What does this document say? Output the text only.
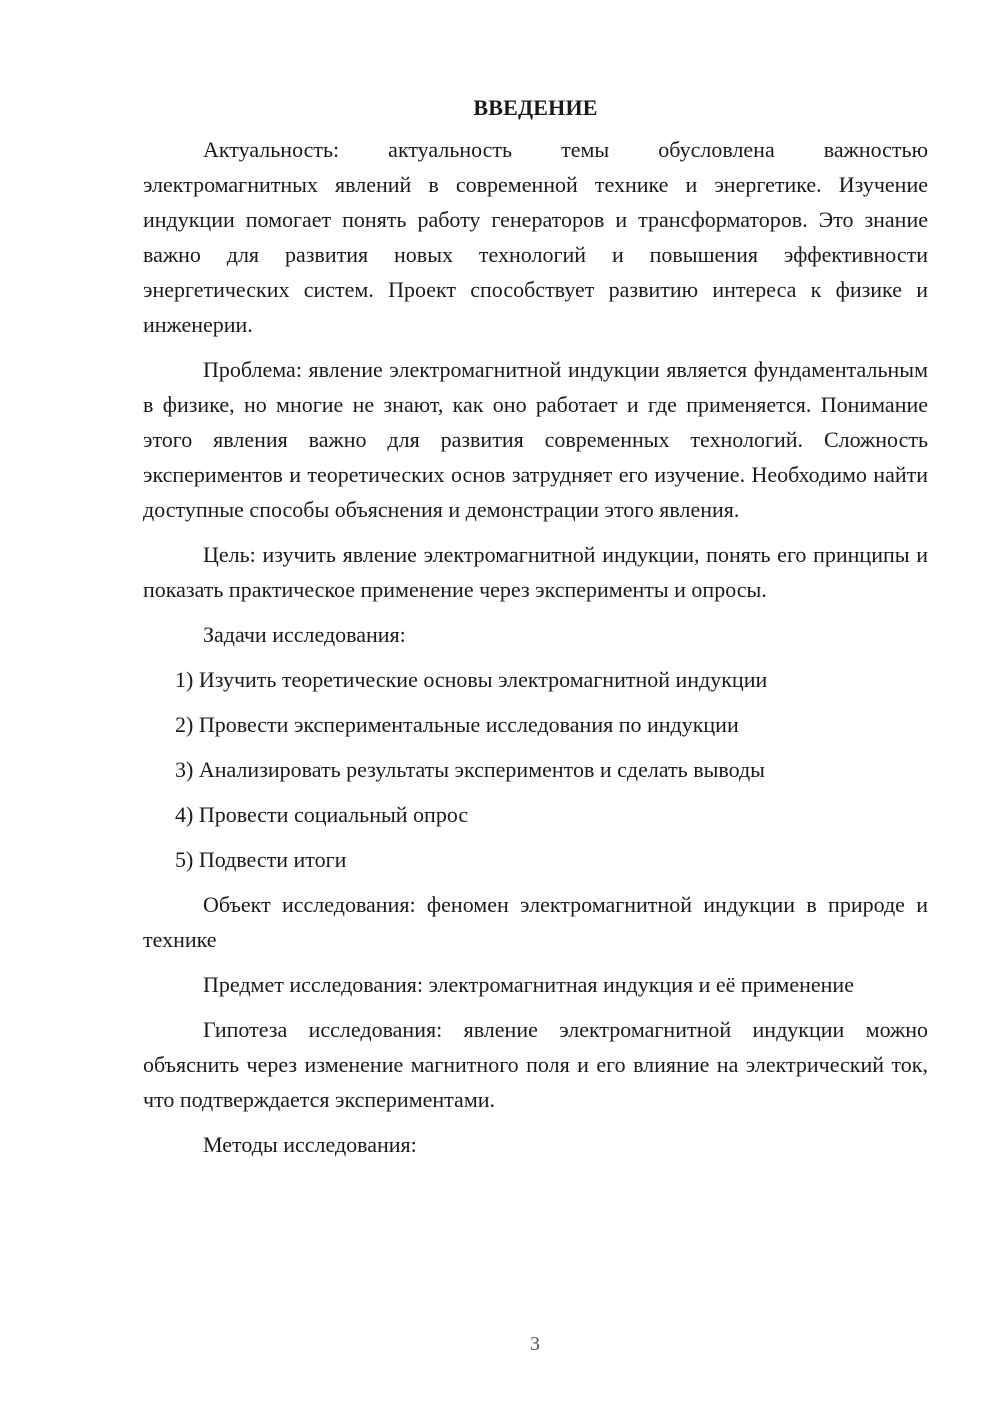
ВВЕДЕНИЕ

Актуальность: актуальность темы обусловлена важностью электромагнитных явлений в современной технике и энергетике. Изучение индукции помогает понять работу генераторов и трансформаторов. Это знание важно для развития новых технологий и повышения эффективности энергетических систем. Проект способствует развитию интереса к физике и инженерии.

Проблема: явление электромагнитной индукции является фундаментальным в физике, но многие не знают, как оно работает и где применяется. Понимание этого явления важно для развития современных технологий. Сложность экспериментов и теоретических основ затрудняет его изучение. Необходимо найти доступные способы объяснения и демонстрации этого явления.

Цель: изучить явление электромагнитной индукции, понять его принципы и показать практическое применение через эксперименты и опросы.

Задачи исследования:

1) Изучить теоретические основы электромагнитной индукции
2) Провести экспериментальные исследования по индукции
3) Анализировать результаты экспериментов и сделать выводы
4) Провести социальный опрос
5) Подвести итоги

Объект исследования: феномен электромагнитной индукции в природе и технике

Предмет исследования: электромагнитная индукция и её применение

Гипотеза исследования: явление электромагнитной индукции можно объяснить через изменение магнитного поля и его влияние на электрический ток, что подтверждается экспериментами.

Методы исследования:

3
